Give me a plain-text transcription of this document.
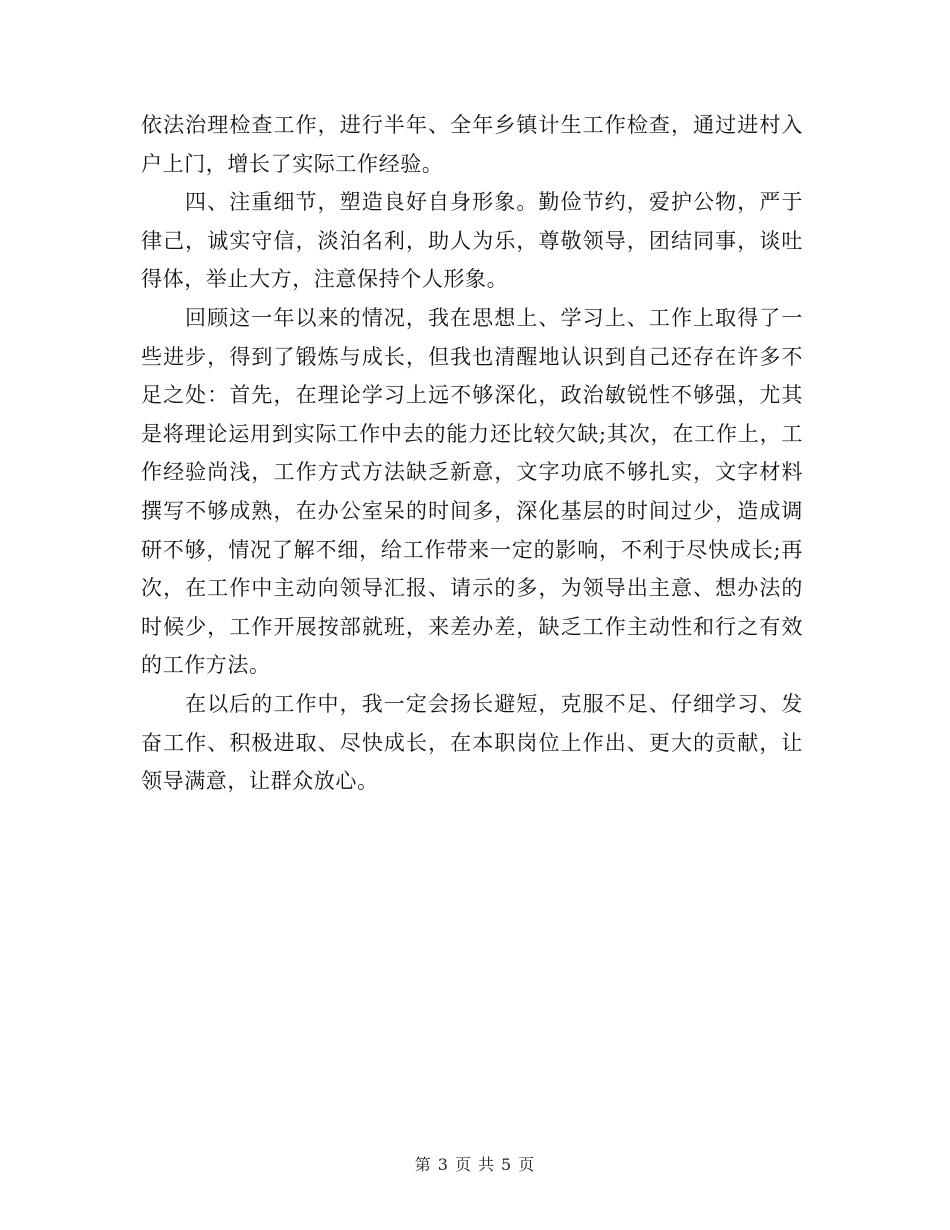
依法治理检查工作，进行半年、全年乡镇计生工作检查，通过进村入户上门，增长了实际工作经验。

四、注重细节，塑造良好自身形象。勤俭节约，爱护公物，严于律己，诚实守信，淡泊名利，助人为乐，尊敬领导，团结同事，谈吐得体，举止大方，注意保持个人形象。

回顾这一年以来的情况，我在思想上、学习上、工作上取得了一些进步，得到了锻炼与成长，但我也清醒地认识到自己还存在许多不足之处：首先，在理论学习上远不够深化，政治敏锐性不够强，尤其是将理论运用到实际工作中去的能力还比较欠缺;其次，在工作上，工作经验尚浅，工作方式方法缺乏新意，文字功底不够扎实，文字材料撰写不够成熟，在办公室呆的时间多，深化基层的时间过少，造成调研不够，情况了解不细，给工作带来一定的影响，不利于尽快成长;再次，在工作中主动向领导汇报、请示的多，为领导出主意、想办法的时候少，工作开展按部就班，来差办差，缺乏工作主动性和行之有效的工作方法。

在以后的工作中，我一定会扬长避短，克服不足、仔细学习、发奋工作、积极进取、尽快成长，在本职岗位上作出、更大的贡献，让领导满意，让群众放心。

第 3 页 共 5 页
